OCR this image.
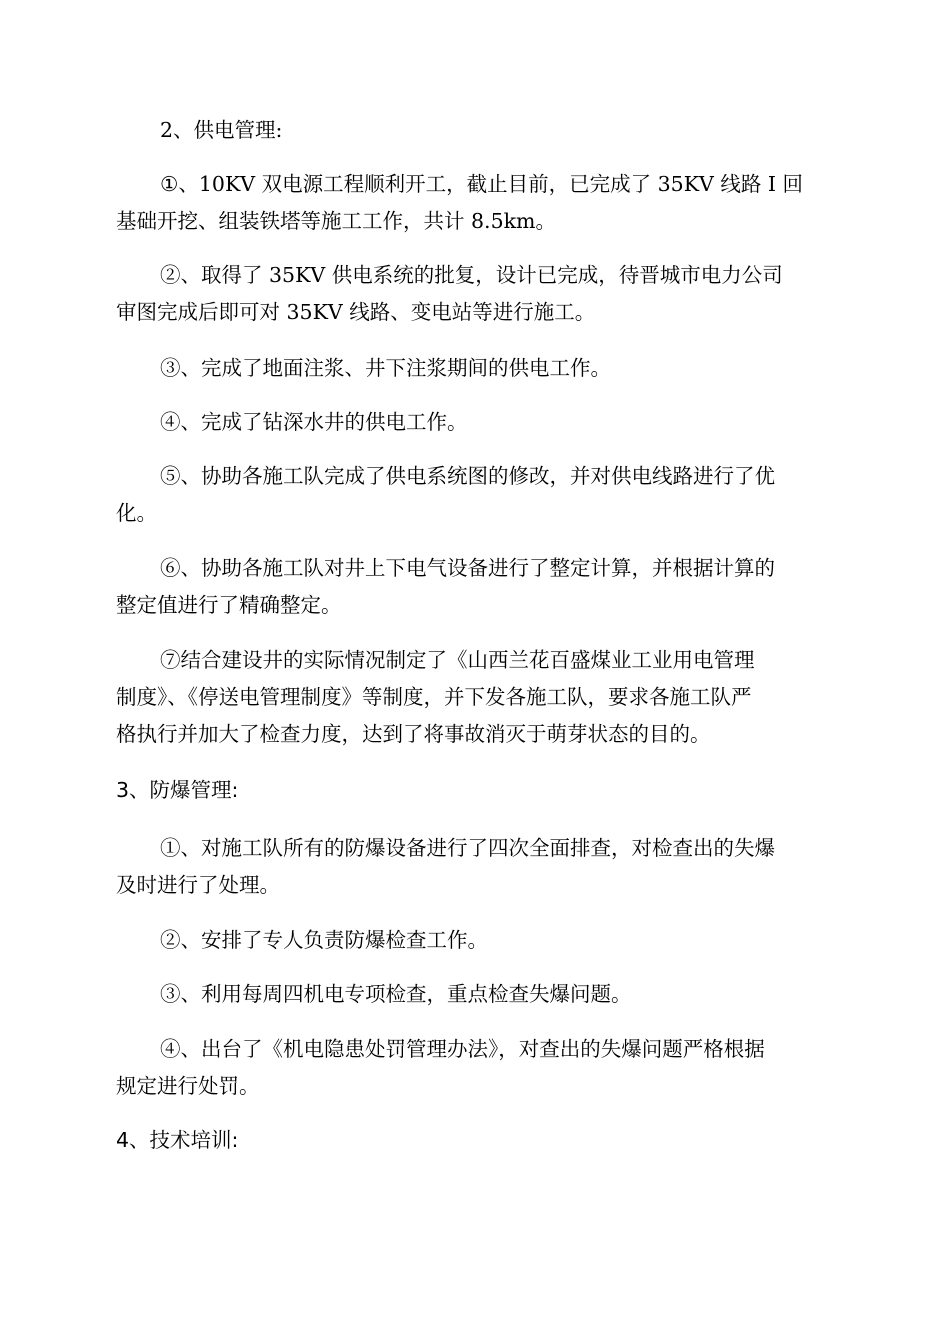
2、供电管理:

①、10KV 双电源工程顺利开工，截止目前，已完成了 35KV 线路 I 回
基础开挖、组装铁塔等施工工作，共计 8.5km。

②、取得了 35KV 供电系统的批复，设计已完成，待晋城市电力公司
审图完成后即可对 35KV 线路、变电站等进行施工。

③、完成了地面注浆、井下注浆期间的供电工作。

④、完成了钻深水井的供电工作。

⑤、协助各施工队完成了供电系统图的修改，并对供电线路进行了优
化。

⑥、协助各施工队对井上下电气设备进行了整定计算，并根据计算的
整定值进行了精确整定。

⑦结合建设井的实际情况制定了《山西兰花百盛煤业工业用电管理
制度》、《停送电管理制度》等制度，并下发各施工队，要求各施工队严
格执行并加大了检查力度，达到了将事故消灭于萌芽状态的目的。

3、防爆管理:

①、对施工队所有的防爆设备进行了四次全面排查，对检查出的失爆
及时进行了处理。

②、安排了专人负责防爆检查工作。

③、利用每周四机电专项检查，重点检查失爆问题。

④、出台了《机电隐患处罚管理办法》，对查出的失爆问题严格根据
规定进行处罚。

4、技术培训:
